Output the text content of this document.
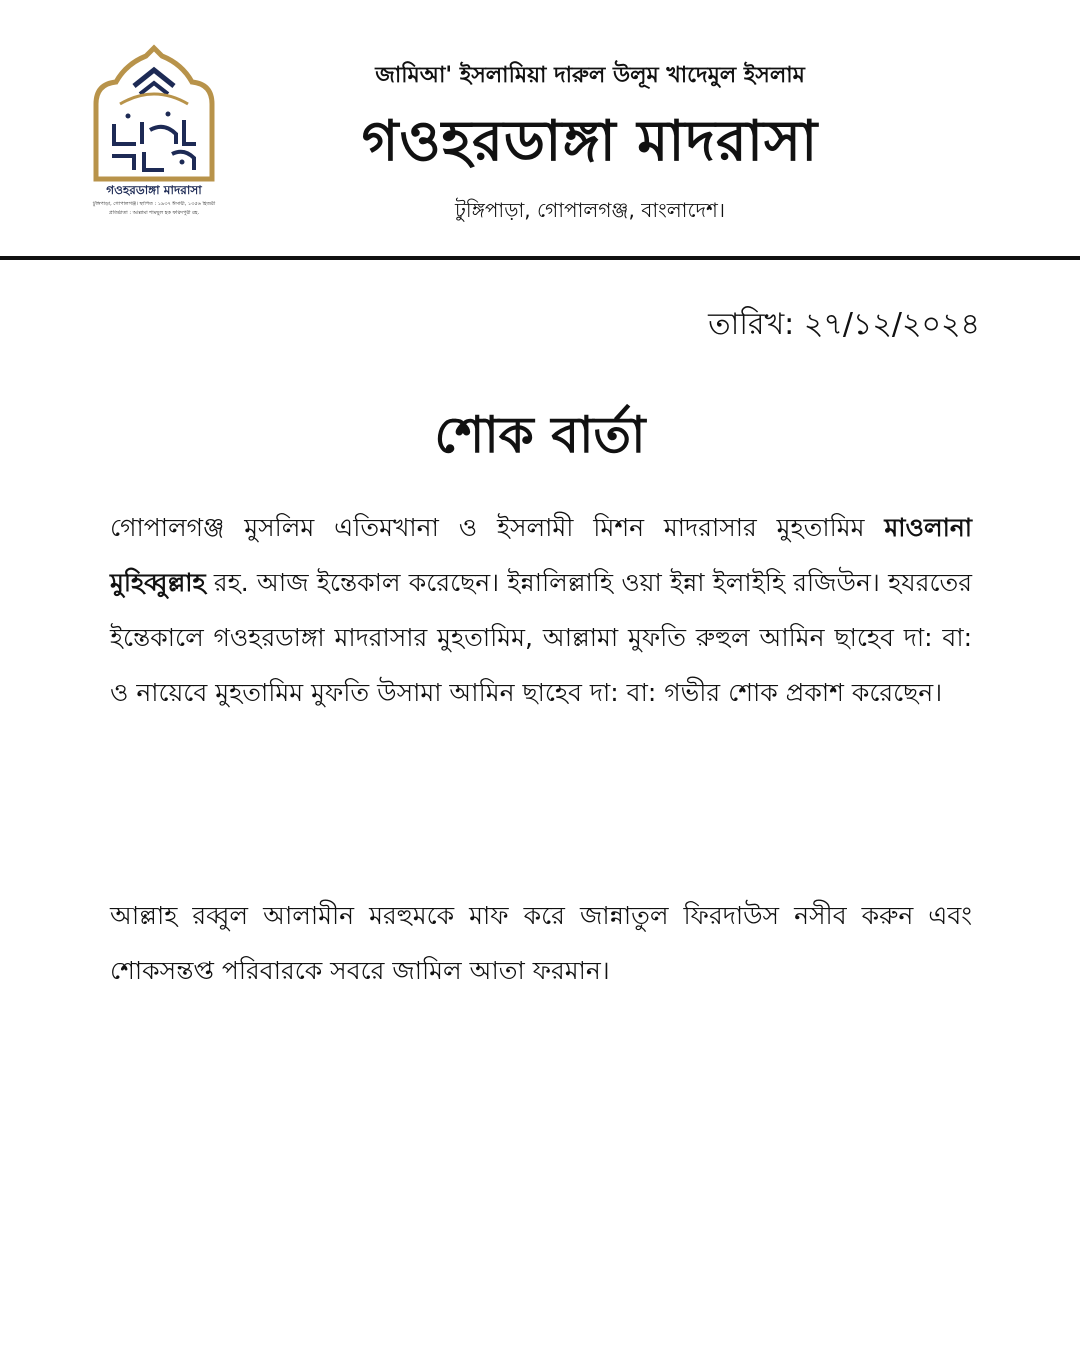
গওহরডাঙ্গা মাদরাসা
টুঙ্গিপাড়া, গোপালগঞ্জ। স্থাপিত : ১৯৩৭ ঈসায়ী, ১৩৫৬ হিজরী
প্রতিষ্ঠাতা : আল্লামা শামছুল হক ফরিদপুরী রহ.
জামিআ' ইসলামিয়া দারুল উলূম খাদেমুল ইসলাম
গওহরডাঙ্গা মাদরাসা
টুঙ্গিপাড়া, গোপালগঞ্জ, বাংলাদেশ।
তারিখ: ২৭/১২/২০২৪
শোক বার্তা
গোপালগঞ্জ মুসলিম এতিমখানা ও ইসলামী মিশন মাদরাসার মুহতামিম মাওলানা মুহিব্বুল্লাহ রহ. আজ ইন্তেকাল করেছেন। ইন্নালিল্লাহি ওয়া ইন্না ইলাইহি রজিউন। হযরতের ইন্তেকালে গওহরডাঙ্গা মাদরাসার মুহতামিম, আল্লামা মুফতি রুহুল আমিন ছাহেব দা: বা: ও নায়েবে মুহতামিম মুফতি উসামা আমিন ছাহেব দা: বা: গভীর শোক প্রকাশ করেছেন।
আল্লাহ রব্বুল আলামীন মরহুমকে মাফ করে জান্নাতুল ফিরদাউস নসীব করুন এবং শোকসন্তপ্ত পরিবারকে সবরে জামিল আতা ফরমান।
